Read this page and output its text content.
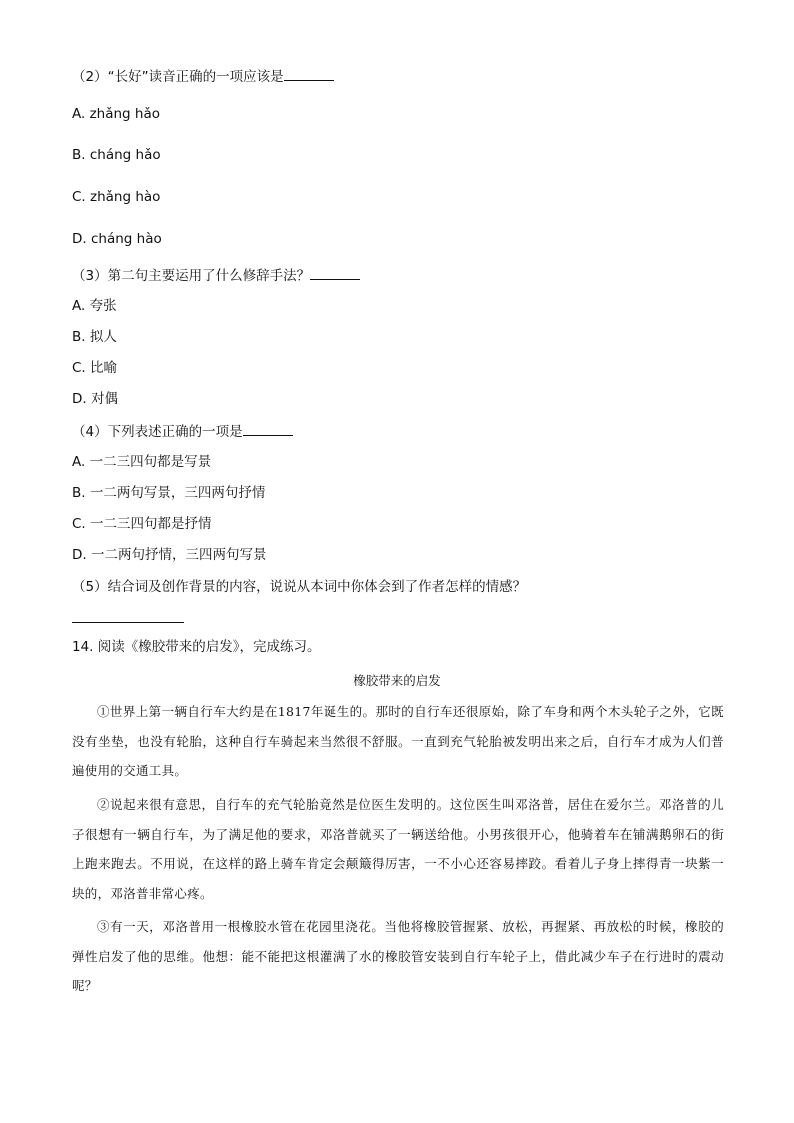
（2）“长好”读音正确的一项应该是
A. zhǎng hǎo
B. cháng hǎo
C. zhǎng hào
D. cháng hào
（3）第二句主要运用了什么修辞手法？
A. 夸张
B. 拟人
C. 比喻
D. 对偶
（4）下列表述正确的一项是
A. 一二三四句都是写景
B. 一二两句写景，三四两句抒情
C. 一二三四句都是抒情
D. 一二两句抒情，三四两句写景
（5）结合词及创作背景的内容，说说从本词中你体会到了作者怎样的情感？
14. 阅读《橡胶带来的启发》，完成练习。
橡胶带来的启发
①世界上第一辆自行车大约是在1817年诞生的。那时的自行车还很原始，除了车身和两个木头轮子之外，它既没有坐垫，也没有轮胎，这种自行车骑起来当然很不舒服。一直到充气轮胎被发明出来之后，自行车才成为人们普遍使用的交通工具。
②说起来很有意思，自行车的充气轮胎竟然是位医生发明的。这位医生叫邓洛普，居住在爱尔兰。邓洛普的儿子很想有一辆自行车，为了满足他的要求，邓洛普就买了一辆送给他。小男孩很开心，他骑着车在铺满鹅卵石的街上跑来跑去。不用说，在这样的路上骑车肯定会颠簸得厉害，一不小心还容易摔跤。看着儿子身上摔得青一块紫一块的，邓洛普非常心疼。
③有一天，邓洛普用一根橡胶水管在花园里浇花。当他将橡胶管握紧、放松，再握紧、再放松的时候，橡胶的弹性启发了他的思维。他想：能不能把这根灌满了水的橡胶管安装到自行车轮子上，借此减少车子在行进时的震动呢？
